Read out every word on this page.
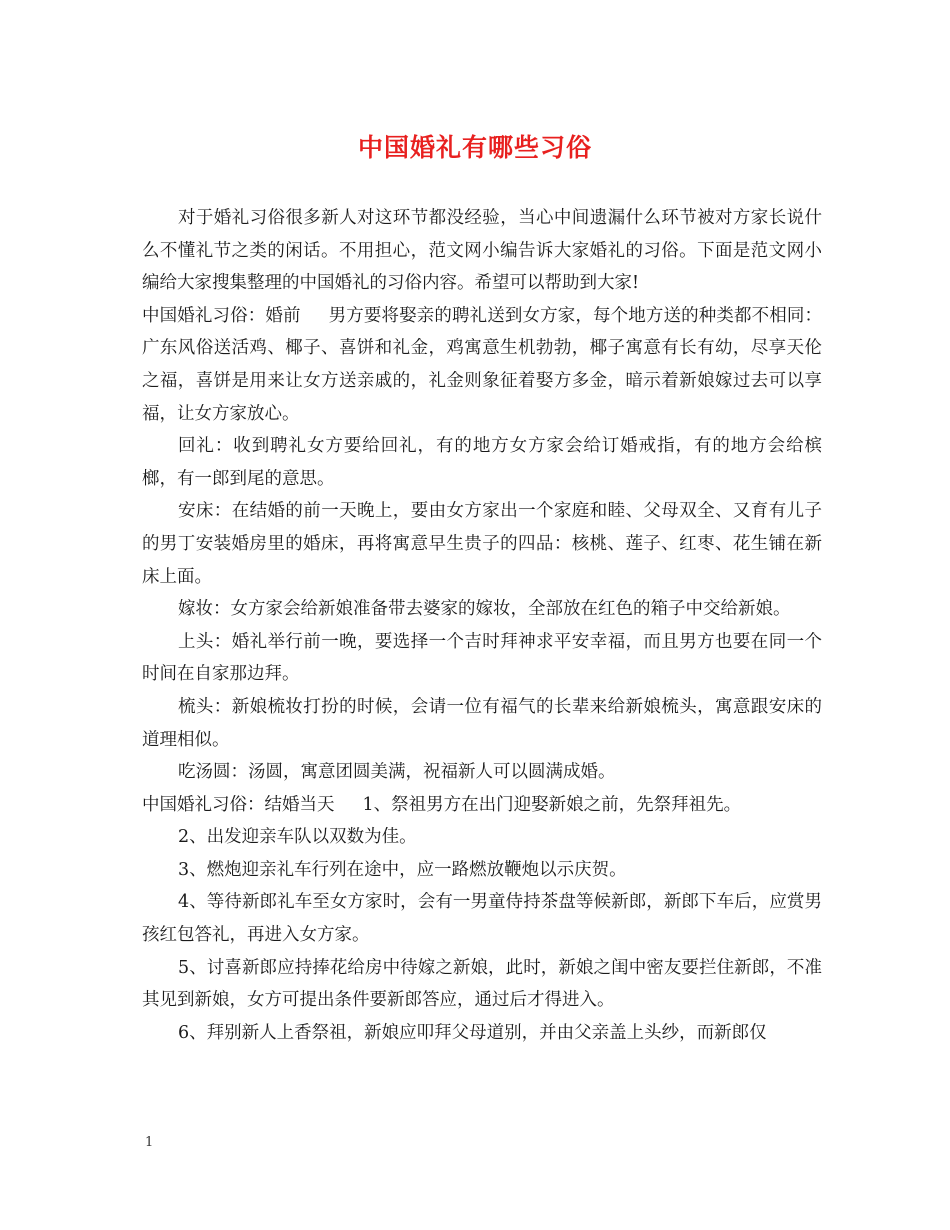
中国婚礼有哪些习俗

对于婚礼习俗很多新人对这环节都没经验，当心中间遗漏什么环节被对方家长说什么不懂礼节之类的闲话。不用担心，范文网小编告诉大家婚礼的习俗。下面是范文网小编给大家搜集整理的中国婚礼的习俗内容。希望可以帮助到大家!

中国婚礼习俗：婚前 男方要将娶亲的聘礼送到女方家，每个地方送的种类都不相同：广东风俗送活鸡、椰子、喜饼和礼金，鸡寓意生机勃勃，椰子寓意有长有幼，尽享天伦之福，喜饼是用来让女方送亲戚的，礼金则象征着娶方多金，暗示着新娘嫁过去可以享福，让女方家放心。

回礼：收到聘礼女方要给回礼，有的地方女方家会给订婚戒指，有的地方会给槟榔，有一郎到尾的意思。

安床：在结婚的前一天晚上，要由女方家出一个家庭和睦、父母双全、又育有儿子的男丁安装婚房里的婚床，再将寓意早生贵子的四品：核桃、莲子、红枣、花生铺在新床上面。

嫁妆：女方家会给新娘准备带去婆家的嫁妆，全部放在红色的箱子中交给新娘。

上头：婚礼举行前一晚，要选择一个吉时拜神求平安幸福，而且男方也要在同一个时间在自家那边拜。

梳头：新娘梳妆打扮的时候，会请一位有福气的长辈来给新娘梳头，寓意跟安床的道理相似。

吃汤圆：汤圆，寓意团圆美满，祝福新人可以圆满成婚。

中国婚礼习俗：结婚当天 1、祭祖男方在出门迎娶新娘之前，先祭拜祖先。

2、出发迎亲车队以双数为佳。

3、燃炮迎亲礼车行列在途中，应一路燃放鞭炮以示庆贺。

4、等待新郎礼车至女方家时，会有一男童侍持茶盘等候新郎，新郎下车后，应赏男孩红包答礼，再进入女方家。

5、讨喜新郎应持捧花给房中待嫁之新娘，此时，新娘之闺中密友要拦住新郎，不准其见到新娘，女方可提出条件要新郎答应，通过后才得进入。

6、拜别新人上香祭祖，新娘应叩拜父母道别，并由父亲盖上头纱，而新郎仅

1
